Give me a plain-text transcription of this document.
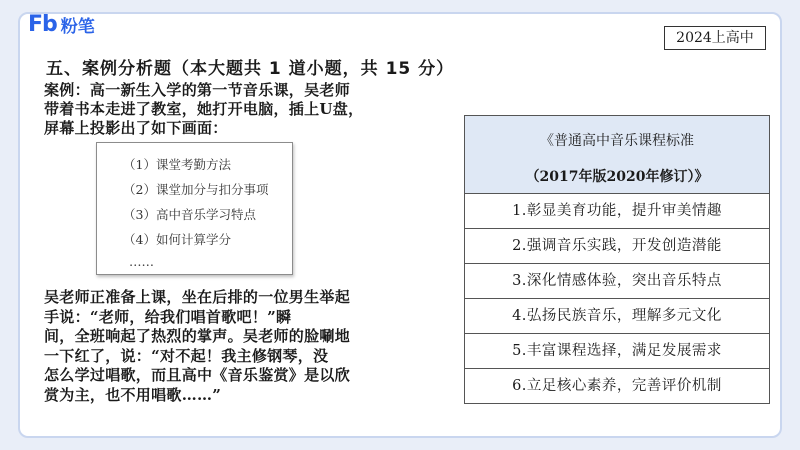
Fb 粉笔
2024上高中
五、案例分析题（本大题共 1 道小题，共 15 分）
案例：高一新生入学的第一节音乐课，吴老师
带着书本走进了教室，她打开电脑，插上U盘，
屏幕上投影出了如下画面：
（1）课堂考勤方法
（2）课堂加分与扣分事项
（3）高中音乐学习特点
（4）如何计算学分
……
吴老师正准备上课，坐在后排的一位男生举起
手说：“老师，给我们唱首歌吧！”瞬
间，全班响起了热烈的掌声。吴老师的脸唰地
一下红了，说：“对不起！我主修钢琴，没
怎么学过唱歌，而且高中《音乐鉴赏》是以欣
赏为主，也不用唱歌……”
《普通高中音乐课程标准
（2017年版2020年修订）》
1.彰显美育功能，提升审美情趣
2.强调音乐实践，开发创造潜能
3.深化情感体验，突出音乐特点
4.弘扬民族音乐，理解多元文化
5.丰富课程选择，满足发展需求
6.立足核心素养，完善评价机制
